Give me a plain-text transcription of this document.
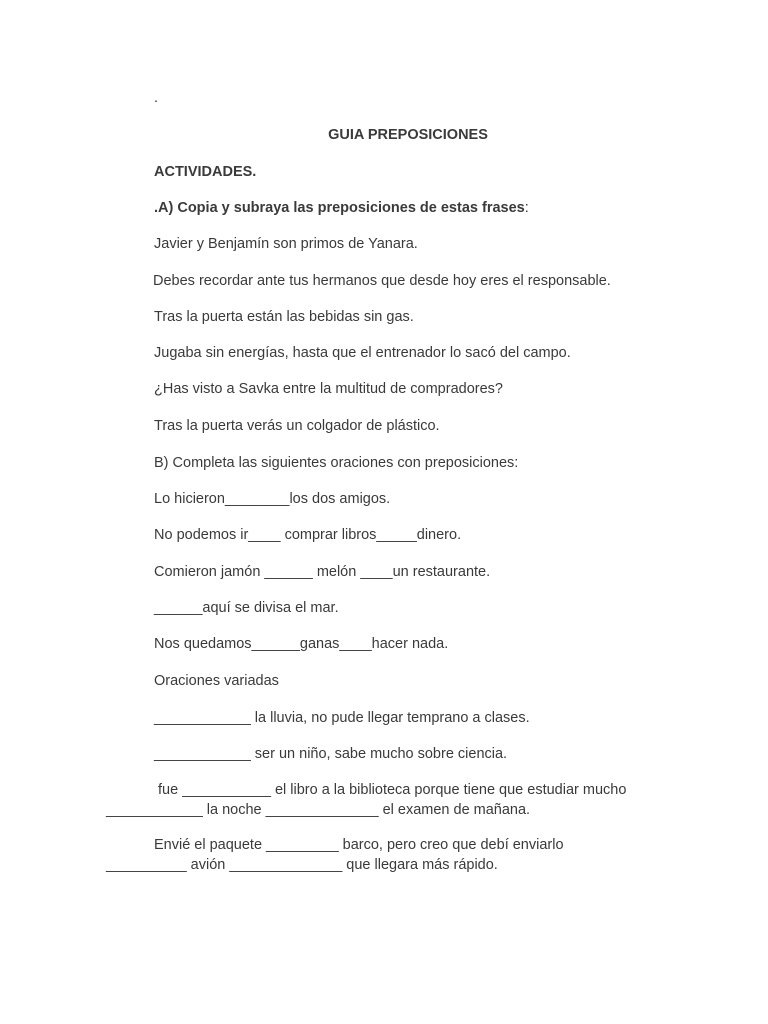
.
GUIA PREPOSICIONES
ACTIVIDADES.
.A) Copia y subraya las preposiciones de estas frases:
Javier y Benjamín son primos de Yanara.
Debes recordar ante tus hermanos que desde hoy eres el responsable.
Tras la puerta están las bebidas sin gas.
Jugaba sin energías, hasta que el entrenador lo sacó del campo.
¿Has visto a Savka entre la multitud de compradores?
Tras la puerta verás un colgador de plástico.
B) Completa las siguientes oraciones con preposiciones:
Lo hicieron________los dos amigos.
No podemos ir____ comprar libros_____dinero.
Comieron jamón ______ melón ____un restaurante.
______aquí se divisa el mar.
Nos quedamos______ganas____hacer nada.
Oraciones variadas
____________ la lluvia, no pude llegar temprano a clases.
____________ ser un niño, sabe mucho sobre ciencia.
fue ___________ el libro a la biblioteca porque tiene que estudiar mucho
____________ la noche ______________ el examen de mañana.
Envié el paquete _________ barco, pero creo que debí enviarlo
__________ avión ______________ que llegara más rápido.
